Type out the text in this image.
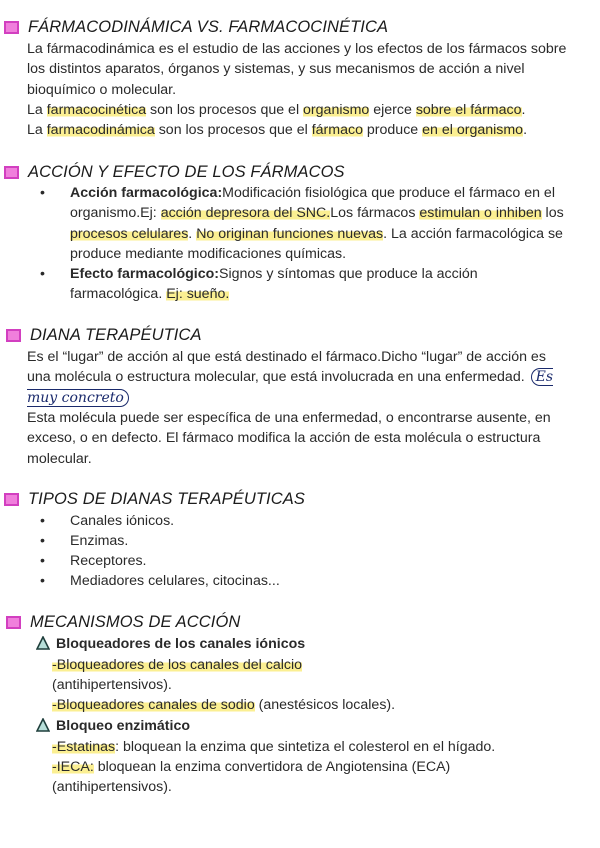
FÁRMACODINÁMICA VS. FARMACOCINÉTICA
La fármacodinámica es el estudio de las acciones y los efectos de los fármacos sobre los distintos aparatos, órganos y sistemas, y sus mecanismos de acción a nivel bioquímico o molecular.
La farmacocinética son los procesos que el organismo ejerce sobre el fármaco.
La farmacodinámica son los procesos que el fármaco produce en el organismo.
ACCIÓN Y EFECTO DE LOS FÁRMACOS
• Acción farmacológica:Modificación fisiológica que produce el fármaco en el organismo.Ej: acción depresora del SNC.Los fármacos estimulan o inhiben los procesos celulares. No originan funciones nuevas. La acción farmacológica se produce mediante modificaciones químicas.
• Efecto farmacológico:Signos y síntomas que produce la acción farmacológica. Ej: sueño.
DIANA TERAPÉUTICA
Es el “lugar” de acción al que está destinado el fármaco.Dicho “lugar” de acción es una molécula o estructura molecular, que está involucrada en una enfermedad. Es muy concreto
Esta molécula puede ser específica de una enfermedad, o encontrarse ausente, en exceso, o en defecto. El fármaco modifica la acción de esta molécula o estructura molecular.
TIPOS DE DIANAS TERAPÉUTICAS
• Canales iónicos.
• Enzimas.
• Receptores.
• Mediadores celulares, citocinas...
MECANISMOS DE ACCIÓN
Bloqueadores de los canales iónicos
-Bloqueadores de los canales del calcio
(antihipertensivos).
-Bloqueadores canales de sodio (anestésicos locales).
Bloqueo enzimático
-Estatinas: bloquean la enzima que sintetiza el colesterol en el hígado.
-IECA: bloquean la enzima convertidora de Angiotensina (ECA)
(antihipertensivos).
